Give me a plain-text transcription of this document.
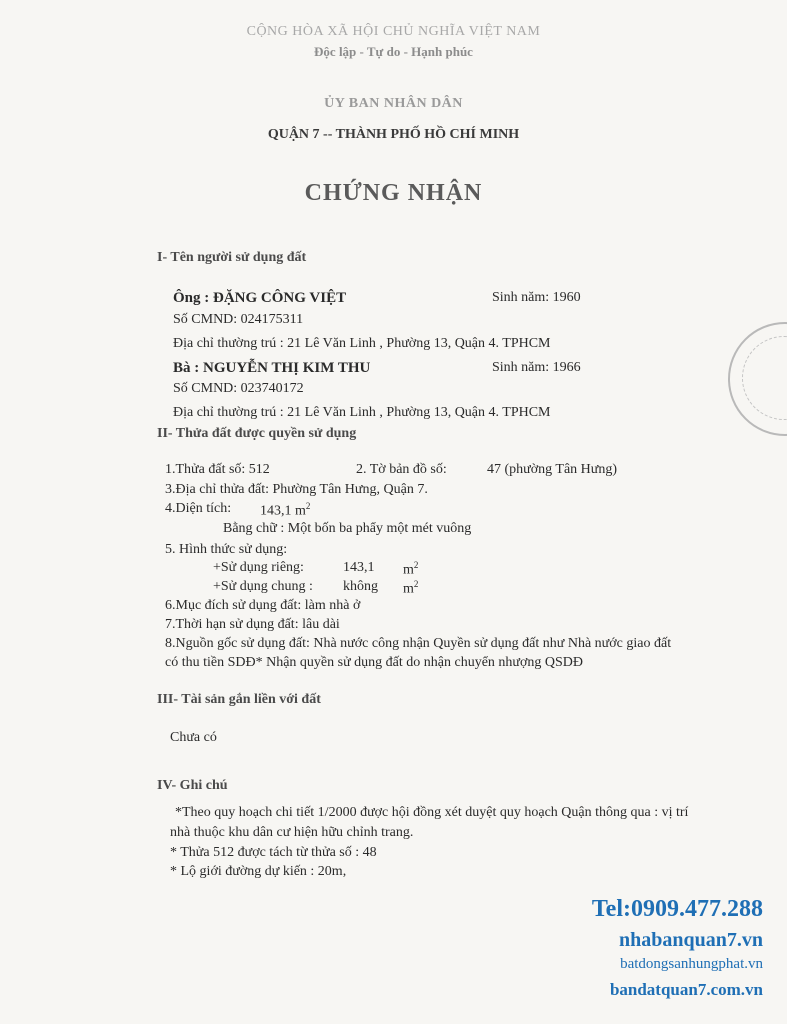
CỘNG HÒA XÃ HỘI CHỦ NGHĨA VIỆT NAM
Độc lập - Tự do - Hạnh phúc
ỦY BAN NHÂN DÂN
QUẬN 7 -- THÀNH PHỐ HỒ CHÍ MINH
CHỨNG NHẬN
I- Tên người sử dụng đất
Ông : ĐẶNG CÔNG VIỆT	Sinh năm: 1960
Số CMND: 024175311
Địa chỉ thường trú : 21 Lê Văn Linh , Phường 13, Quận 4. TPHCM
Bà : NGUYỄN THỊ KIM THU	Sinh năm: 1966
Số CMND: 023740172
Địa chỉ thường trú : 21 Lê Văn Linh , Phường 13, Quận 4. TPHCM
II- Thửa đất được quyền sử dụng
1.Thửa đất số: 512	2. Tờ bản đồ số:	47 (phường Tân Hưng)
3.Địa chỉ thửa đất: Phường Tân Hưng, Quận 7.
4.Diện tích: 143,1 $m^2$
Bằng chữ : Một bốn ba phẩy một mét vuông
5. Hình thức sử dụng:
+Sử dụng riêng:	143,1 $m^2$
+Sử dụng chung : không $m^2$
6.Mục đích sử dụng đất: làm nhà ở
7.Thời hạn sử dụng đất: lâu dài
8.Nguồn gốc sử dụng đất: Nhà nước công nhận Quyền sử dụng đất như Nhà nước giao đất
có thu tiền SDĐ* Nhận quyền sử dụng đất do nhận chuyển nhượng QSDĐ
III- Tài sản gắn liền với đất
Chưa có
IV- Ghi chú
*Theo quy hoạch chi tiết 1/2000 được hội đồng xét duyệt quy hoạch Quận thông qua : vị trí
nhà thuộc khu dân cư hiện hữu chỉnh trang.
* Thửa 512 được tách từ thửa số : 48
* Lộ giới đường dự kiến : 20m,
Tel:0909.477.288
nhabanquan7.vn
batdongsanhungphat.vn
bandatquan7.com.vn
